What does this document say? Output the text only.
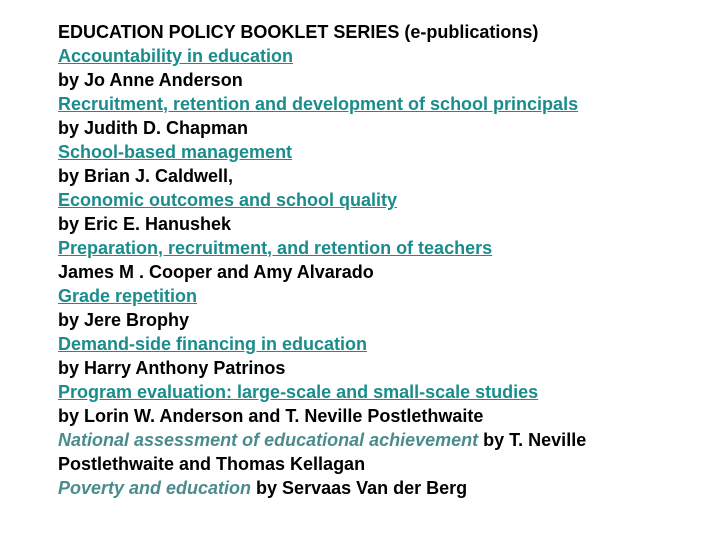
EDUCATION POLICY BOOKLET SERIES (e-publications)
Accountability in education
by Jo Anne Anderson
Recruitment, retention and development of school principals
by Judith D. Chapman
School-based management
by Brian J. Caldwell,
Economic outcomes and school quality
by Eric E. Hanushek
Preparation, recruitment, and retention of teachers
James M . Cooper and Amy Alvarado
Grade repetition
by Jere Brophy
Demand-side financing in education
by Harry Anthony Patrinos
Program evaluation: large-scale and small-scale studies
by Lorin W. Anderson and T. Neville Postlethwaite
National assessment of educational achievement by T. Neville Postlethwaite and Thomas Kellagan
Poverty and education by Servaas Van der Berg
